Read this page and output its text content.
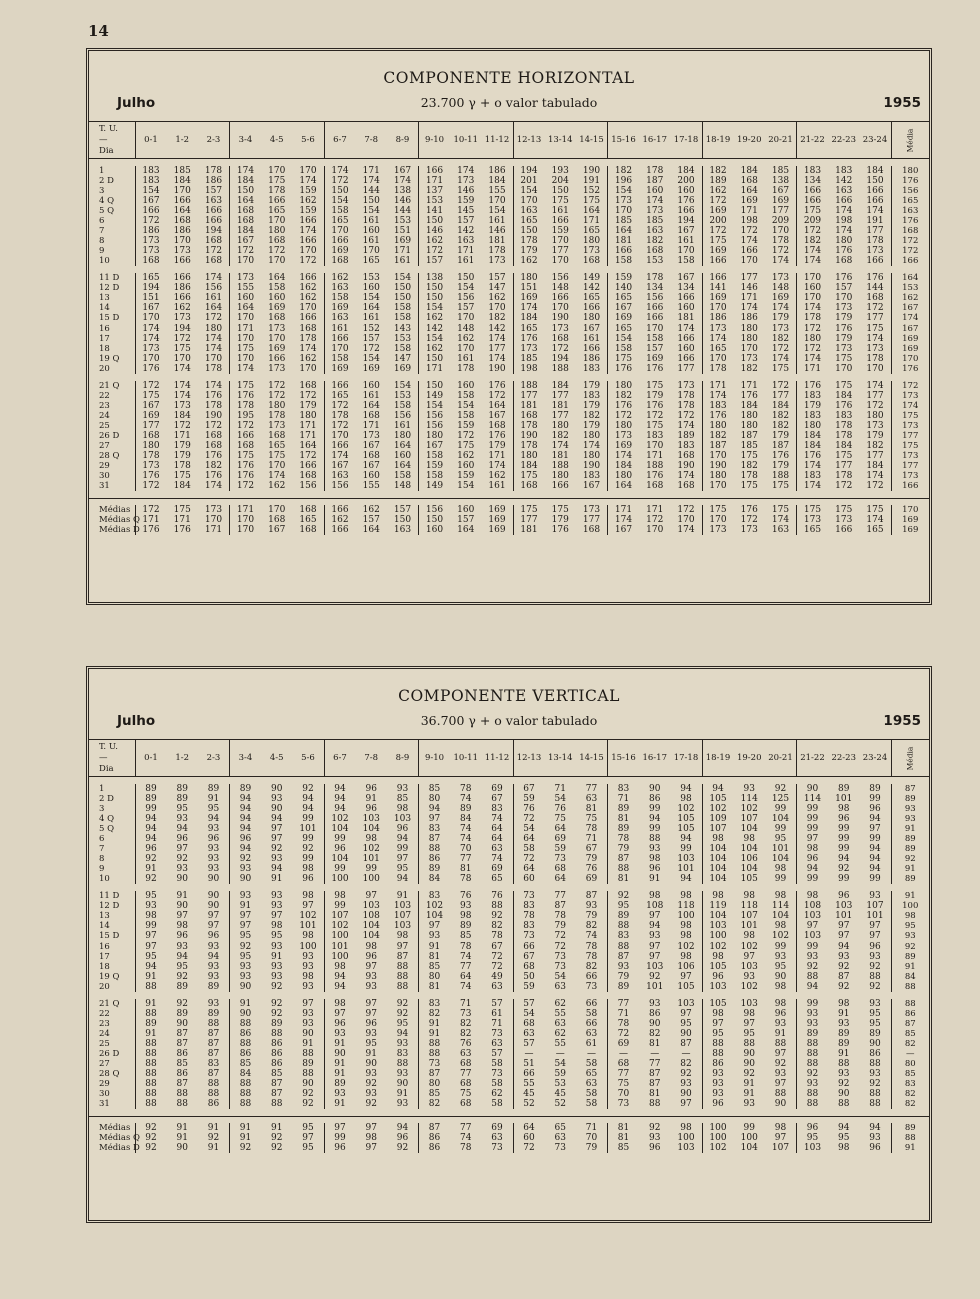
14
COMPONENTE HORIZONTAL
Julho	23.700 γ + o valor tabulado	1955
T. U.
—
Dia	0-1	1-2	2-3	3-4	4-5	5-6	6-7	7-8	8-9	9-10	10-11	11-12	12-13	13-14	14-15	15-16	16-17	17-18	18-19	19-20	20-21	21-22	22-23	23-24	Média

1	183	185	178	174	170	170	174	171	167	166	174	186	194	193	190	182	178	184	182	184	185	183	183	184	180
2 D	183	184	186	184	175	174	172	174	174	171	173	184	201	204	191	196	187	200	189	168	138	134	142	150	176
3	154	170	157	150	178	159	150	144	138	137	146	155	154	150	152	154	160	160	162	164	167	166	163	166	156
4 Q	167	166	163	164	166	162	154	150	146	153	159	170	170	175	175	173	174	176	172	169	169	166	166	166	165
5 Q	166	164	166	168	165	159	158	154	144	141	145	154	163	161	164	170	173	166	169	171	177	175	174	174	163
6	172	168	166	168	170	166	165	161	153	150	157	161	165	166	171	185	185	194	200	198	209	209	198	191	176
7	186	186	194	184	180	174	170	160	151	146	142	146	150	159	165	164	163	167	172	172	170	172	174	177	168
8	173	170	168	167	168	166	166	161	169	162	163	181	178	170	180	181	182	161	175	174	178	182	180	178	172
9	173	173	172	172	172	170	169	170	171	172	171	178	179	177	173	166	168	170	169	166	172	174	176	173	172
10	168	166	168	170	170	172	168	165	161	157	161	173	162	170	168	158	153	158	166	170	174	174	168	166	166

11 D	165	166	174	173	164	166	162	153	154	138	150	157	180	156	149	159	178	167	166	177	173	170	176	176	164
12 D	194	186	156	155	158	162	163	160	150	150	154	147	151	148	142	140	134	134	141	146	148	160	157	144	153
13	151	166	161	160	160	162	158	154	150	150	156	162	169	166	165	165	156	166	169	171	169	170	170	168	162
14	167	162	164	164	169	170	169	164	158	154	157	170	174	170	166	167	166	160	170	174	174	174	173	172	167
15 D	170	173	172	170	168	166	163	161	158	162	170	182	184	190	180	169	166	181	186	186	179	178	179	177	174
16	174	194	180	171	173	168	161	152	143	142	148	142	165	173	167	165	170	174	173	180	173	172	176	175	167
17	174	172	174	170	170	178	166	157	153	154	162	174	176	168	161	154	158	166	174	180	182	180	179	174	169
18	173	175	174	175	169	174	170	172	158	162	170	177	173	172	166	158	157	160	165	170	172	172	173	173	169
19 Q	170	170	170	170	166	162	158	154	147	150	161	174	185	194	186	175	169	166	170	173	174	174	175	178	170
20	176	174	178	174	173	170	169	169	169	171	178	190	198	188	183	176	176	177	178	182	175	171	170	170	176

21 Q	172	174	174	175	172	168	166	160	154	150	160	176	188	184	179	180	175	173	171	171	172	176	175	174	172
22	175	174	176	176	172	172	165	161	153	149	158	172	177	177	183	182	179	178	174	176	177	183	184	177	173
23	167	173	178	178	180	179	172	164	158	154	154	164	181	181	179	176	176	178	183	184	184	179	176	172	174
24	169	184	190	195	178	180	178	168	156	156	158	167	168	177	182	172	172	172	176	180	182	183	183	180	175
25	177	172	172	172	173	171	172	171	161	156	159	168	178	180	179	180	175	174	180	180	182	180	178	173	173
26 D	168	171	168	166	168	171	170	173	180	180	172	176	190	182	180	173	183	189	182	187	179	184	178	179	177
27	180	179	168	168	165	164	166	167	164	167	175	179	178	174	174	169	170	183	187	185	187	184	184	182	175
28 Q	178	179	176	175	175	172	174	168	160	158	162	171	180	181	180	174	171	168	170	175	176	176	175	177	173
29	173	178	182	176	170	166	167	167	164	159	160	174	184	188	190	184	188	190	190	182	179	174	177	184	177
30	176	175	176	176	174	168	163	160	158	158	159	162	175	180	183	180	176	174	180	178	188	183	178	174	173
31	172	184	174	172	162	156	156	155	148	149	154	161	168	166	167	164	168	168	170	175	175	174	172	172	166

Médias	172	175	173	171	170	168	166	162	157	156	160	169	175	175	173	171	171	172	175	176	175	175	175	175	170
Médias Q	171	171	170	170	168	165	162	157	150	150	157	169	177	179	177	174	172	170	170	172	174	173	173	174	169
Médias D	176	176	171	170	167	168	166	164	163	160	164	169	181	176	168	167	170	174	173	173	163	165	166	165	169
COMPONENTE VERTICAL
Julho	36.700 γ + o valor tabulado	1955
T. U.
—
Dia	0-1	1-2	2-3	3-4	4-5	5-6	6-7	7-8	8-9	9-10	10-11	11-12	12-13	13-14	14-15	15-16	16-17	17-18	18-19	19-20	20-21	21-22	22-23	23-24	Média

1	89	89	89	89	90	92	94	96	93	85	78	69	67	71	77	83	90	94	94	93	92	90	89	89	87
2 D	89	89	91	94	93	94	94	91	85	80	74	67	59	54	63	71	86	98	105	114	125	114	101	99	89
3	99	95	95	94	90	94	94	96	98	94	89	83	76	76	81	89	99	102	102	102	99	99	98	96	93
4 Q	94	93	94	94	94	99	102	103	103	97	84	74	72	75	75	81	94	105	109	107	104	99	96	94	93
5 Q	94	94	93	94	97	101	104	104	96	83	74	64	54	64	78	89	99	105	107	104	99	99	99	97	91
6	94	96	96	96	97	99	99	98	94	87	74	64	64	69	71	78	88	94	98	98	95	97	99	99	89
7	96	97	93	94	92	92	96	102	99	88	70	63	58	59	67	79	93	99	104	104	101	98	99	94	89
8	92	92	93	92	93	99	104	101	97	86	77	74	72	73	79	87	98	103	104	106	104	96	94	94	92
9	91	93	93	93	94	98	99	99	95	89	81	69	64	68	76	88	96	101	104	104	98	94	92	94	91
10	92	90	90	90	91	96	100	100	94	84	78	65	60	64	69	81	91	94	104	105	99	99	99	99	89

11 D	95	91	90	93	93	98	98	97	91	83	76	76	73	77	87	92	98	98	98	98	98	98	96	93	91
12 D	93	90	90	91	93	97	99	103	103	102	93	88	83	87	93	95	108	118	119	118	114	108	103	107	100
13	98	97	97	97	97	102	107	108	107	104	98	92	78	78	79	89	97	100	104	107	104	103	101	101	98
14	99	98	97	97	98	101	102	104	103	97	89	82	83	79	82	88	94	98	103	101	98	97	97	97	95
15 D	97	96	96	95	95	98	100	104	98	93	85	78	73	72	74	83	93	98	100	98	102	103	97	97	93
16	97	93	93	92	93	100	101	98	97	91	78	67	66	72	78	88	97	102	102	102	99	99	94	96	92
17	95	94	94	95	91	93	100	96	87	81	74	72	67	73	78	87	97	98	98	97	93	93	93	93	89
18	94	95	93	93	93	93	98	97	88	85	77	72	68	73	82	93	103	106	105	103	95	92	92	92	91
19 Q	91	92	93	93	93	98	94	93	88	80	64	49	50	54	66	79	92	97	96	93	90	88	87	88	84
20	88	89	89	90	92	93	94	93	88	81	74	63	59	63	73	89	101	105	103	102	98	94	92	92	88

21 Q	91	92	93	91	92	97	98	97	92	83	71	57	57	62	66	77	93	103	105	103	98	99	98	93	88
22	88	89	89	90	92	93	97	97	92	82	73	61	54	55	58	71	86	97	98	98	96	93	91	95	86
23	89	90	88	88	89	93	96	96	95	91	82	71	68	63	66	78	90	95	97	97	93	93	93	95	87
24	91	87	87	86	88	90	93	93	94	91	82	73	63	62	63	72	82	90	95	95	91	89	89	89	85
25	88	87	87	88	86	91	91	95	93	88	76	63	57	55	61	69	81	87	88	88	88	88	89	90	82
26 D	88	86	87	86	86	88	90	91	83	88	63	57	—	—	—	—	—	—	88	90	97	88	91	86	—
27	88	85	83	85	86	89	91	90	88	73	68	58	51	54	58	68	77	82	86	90	92	88	88	88	80
28 Q	88	86	87	84	85	88	91	93	93	87	77	73	66	59	65	77	87	92	93	92	93	92	93	93	85
29	88	87	88	88	87	90	89	92	90	80	68	58	55	53	63	75	87	93	93	91	97	93	92	92	83
30	88	88	88	88	87	92	93	93	91	85	75	62	45	45	58	70	81	90	93	91	88	88	90	88	82
31	88	88	86	88	88	92	91	92	93	82	68	58	52	52	58	73	88	97	96	93	90	88	88	88	82

Médias	92	91	91	91	91	95	97	97	94	87	77	69	64	65	71	81	92	98	100	99	98	96	94	94	89
Médias Q	92	91	92	91	92	97	99	98	96	86	74	63	60	63	70	81	93	100	100	100	97	95	95	93	88
Médias D	92	90	91	92	92	95	96	97	92	86	78	73	72	73	79	85	96	103	102	104	107	103	98	96	91
